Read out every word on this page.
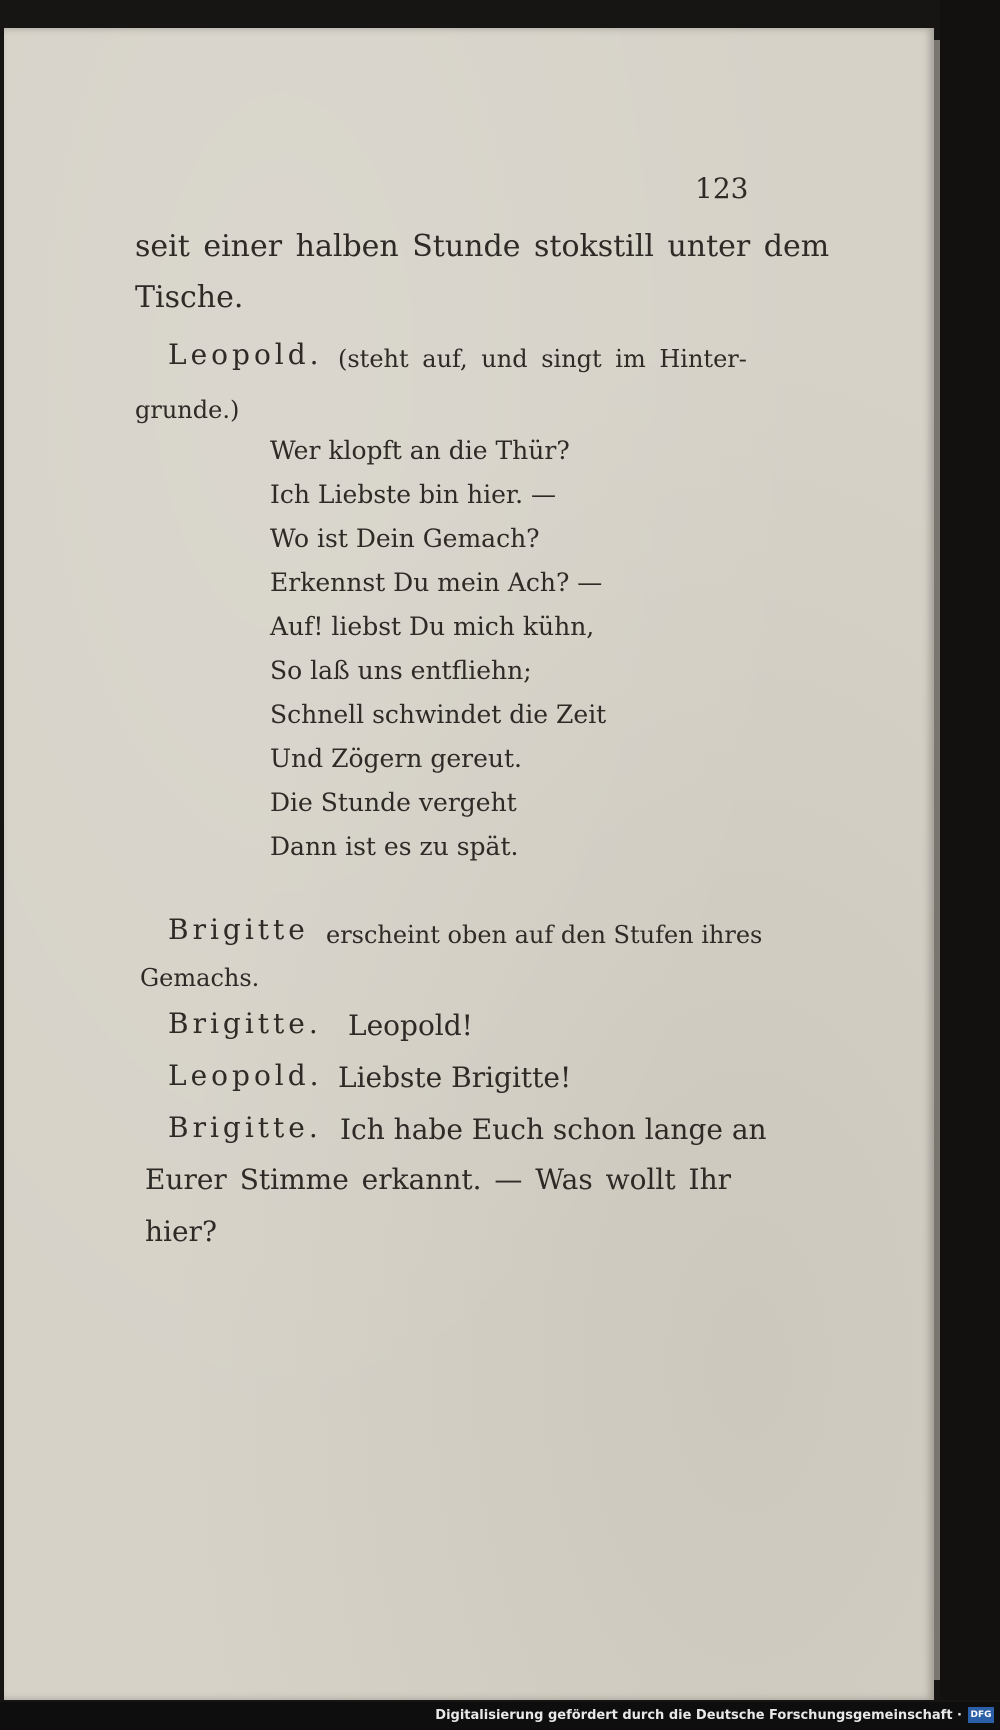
123
seit einer halben Stunde stokstill unter dem
Tische.
Leopold. (steht auf, und singt im Hinter-
grunde.)
Wer klopft an die Thür?
Ich Liebste bin hier. —
Wo ist Dein Gemach?
Erkennst Du mein Ach? —
Auf! liebst Du mich kühn,
So laß uns entfliehn;
Schnell schwindet die Zeit
Und Zögern gereut.
Die Stunde vergeht
Dann ist es zu spät.
Brigitte erscheint oben auf den Stufen ihres
Gemachs.
Brigitte. Leopold!
Leopold. Liebste Brigitte!
Brigitte. Ich habe Euch schon lange an
Eurer Stimme erkannt. — Was wollt Ihr
hier?
Digitalisierung gefördert durch die Deutsche Forschungsgemeinschaft · DFG
